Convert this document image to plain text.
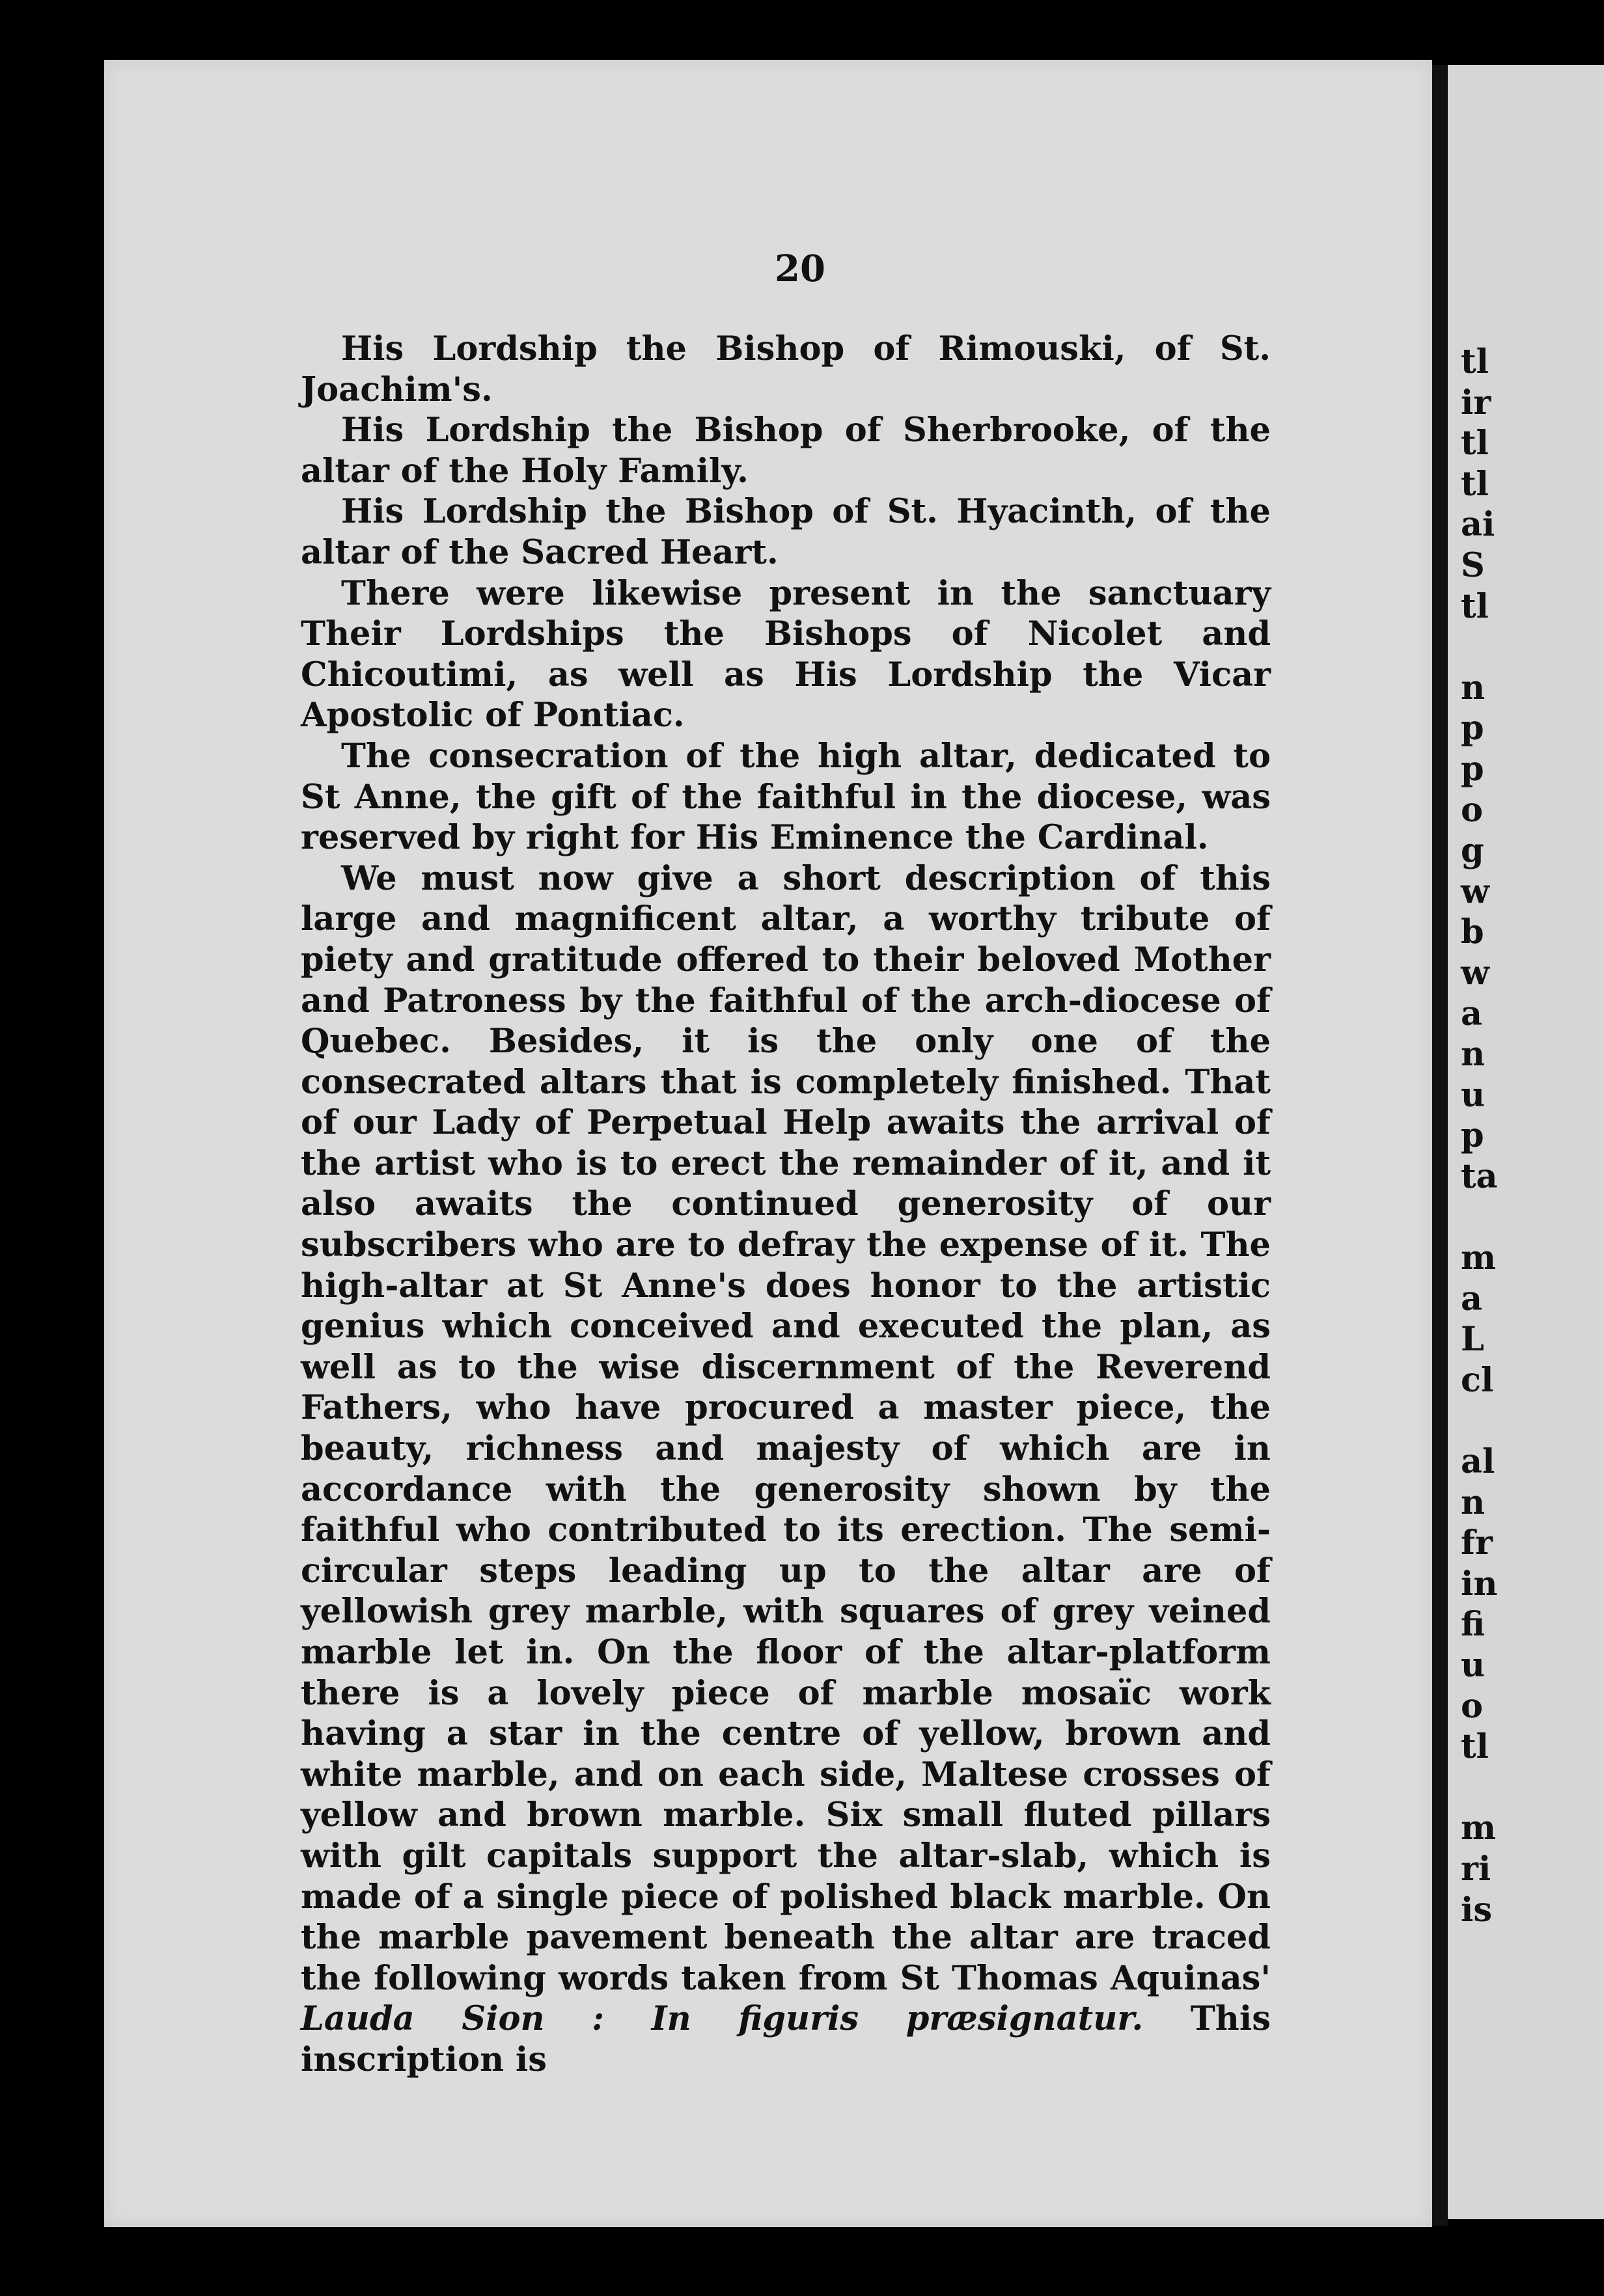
20

His Lordship the Bishop of Rimouski, of St. Joachim's.

His Lordship the Bishop of Sherbrooke, of the altar of the Holy Family.

His Lordship the Bishop of St. Hyacinth, of the altar of the Sacred Heart.

There were likewise present in the sanctuary Their Lordships the Bishops of Nicolet and Chicoutimi, as well as His Lordship the Vicar Apostolic of Pontiac.

The consecration of the high altar, dedicated to St Anne, the gift of the faithful in the diocese, was reserved by right for His Eminence the Cardinal.

We must now give a short description of this large and magnificent altar, a worthy tribute of piety and gratitude offered to their beloved Mother and Patroness by the faithful of the arch-diocese of Quebec. Besides, it is the only one of the consecrated altars that is completely finished. That of our Lady of Perpetual Help awaits the arrival of the artist who is to erect the remainder of it, and it also awaits the continued generosity of our subscribers who are to defray the expense of it. The high-altar at St Anne's does honor to the artistic genius which conceived and executed the plan, as well as to the wise discernment of the Reverend Fathers, who have procured a master piece, the beauty, richness and majesty of which are in accordance with the generosity shown by the faithful who contributed to its erection. The semi-circular steps leading up to the altar are of yellowish grey marble, with squares of grey veined marble let in. On the floor of the altar-platform there is a lovely piece of marble mosaïc work having a star in the centre of yellow, brown and white marble, and on each side, Maltese crosses of yellow and brown marble. Six small fluted pillars with gilt capitals support the altar-slab, which is made of a single piece of polished black marble. On the marble pavement beneath the altar are traced the following words taken from St Thomas Aquinas' Lauda Sion : In figuris præsignatur. This inscription is

tl
ir
tl
tl
ai
S
tl
n
p
p
o
g
w
b
w
a
n
u
p
ta
m
a
L
cl
al
n
fr
in
fi
u
o
tl
m
ri
is
